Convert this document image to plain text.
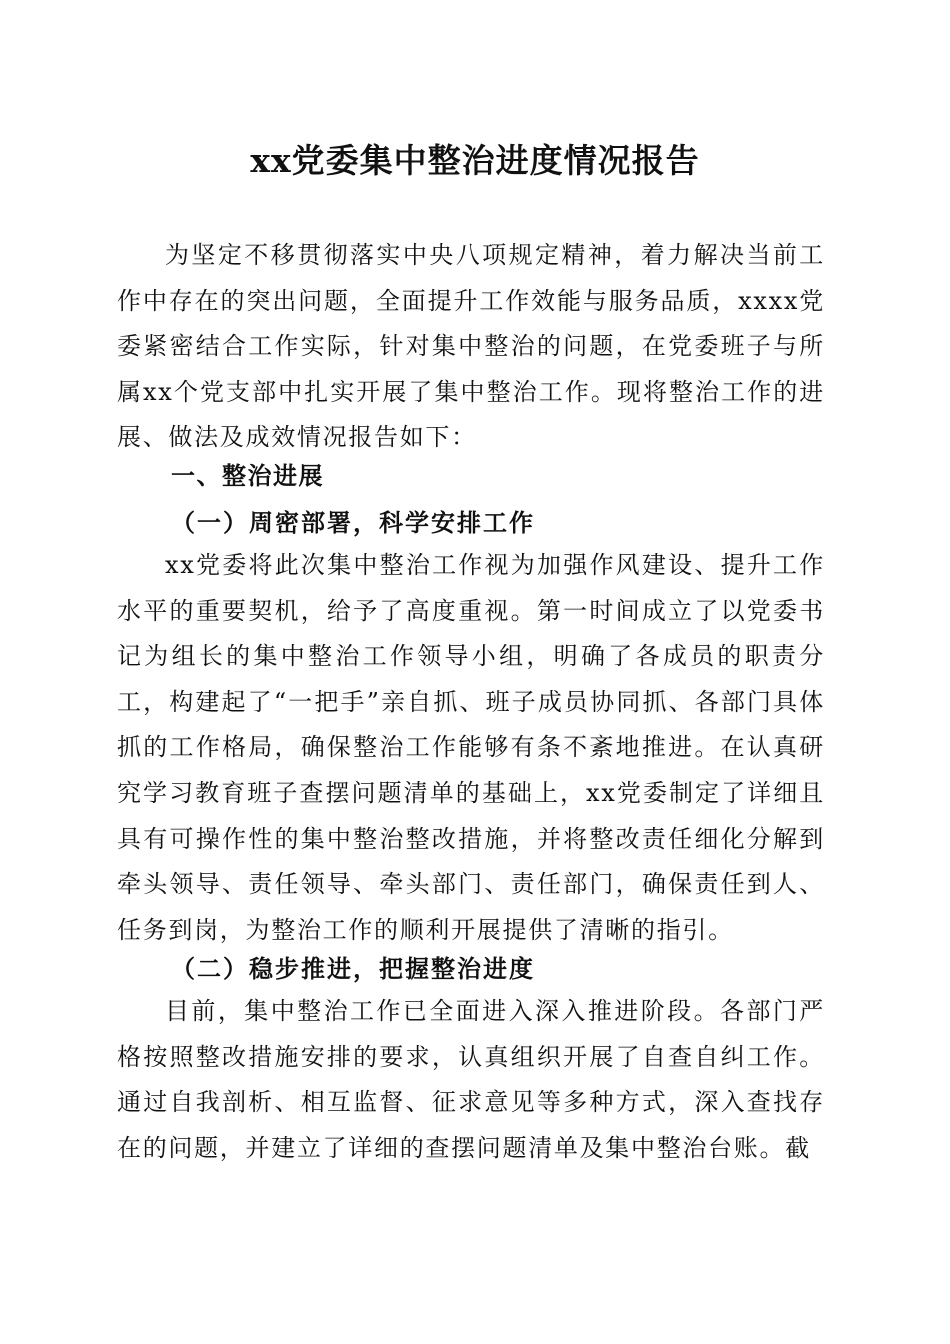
xx党委集中整治进度情况报告

为坚定不移贯彻落实中央八项规定精神，着力解决当前工作中存在的突出问题，全面提升工作效能与服务品质，xxxx党委紧密结合工作实际，针对集中整治的问题，在党委班子与所属xx个党支部中扎实开展了集中整治工作。现将整治工作的进展、做法及成效情况报告如下：

一、整治进展
（一）周密部署，科学安排工作

xx党委将此次集中整治工作视为加强作风建设、提升工作水平的重要契机，给予了高度重视。第一时间成立了以党委书记为组长的集中整治工作领导小组，明确了各成员的职责分工，构建起了“一把手”亲自抓、班子成员协同抓、各部门具体抓的工作格局，确保整治工作能够有条不紊地推进。在认真研究学习教育班子查摆问题清单的基础上，xx党委制定了详细且具有可操作性的集中整治整改措施，并将整改责任细化分解到牵头领导、责任领导、牵头部门、责任部门，确保责任到人、任务到岗，为整治工作的顺利开展提供了清晰的指引。

（二）稳步推进，把握整治进度

目前，集中整治工作已全面进入深入推进阶段。各部门严格按照整改措施安排的要求，认真组织开展了自查自纠工作。通过自我剖析、相互监督、征求意见等多种方式，深入查找存在的问题，并建立了详细的查摆问题清单及集中整治台账。截
